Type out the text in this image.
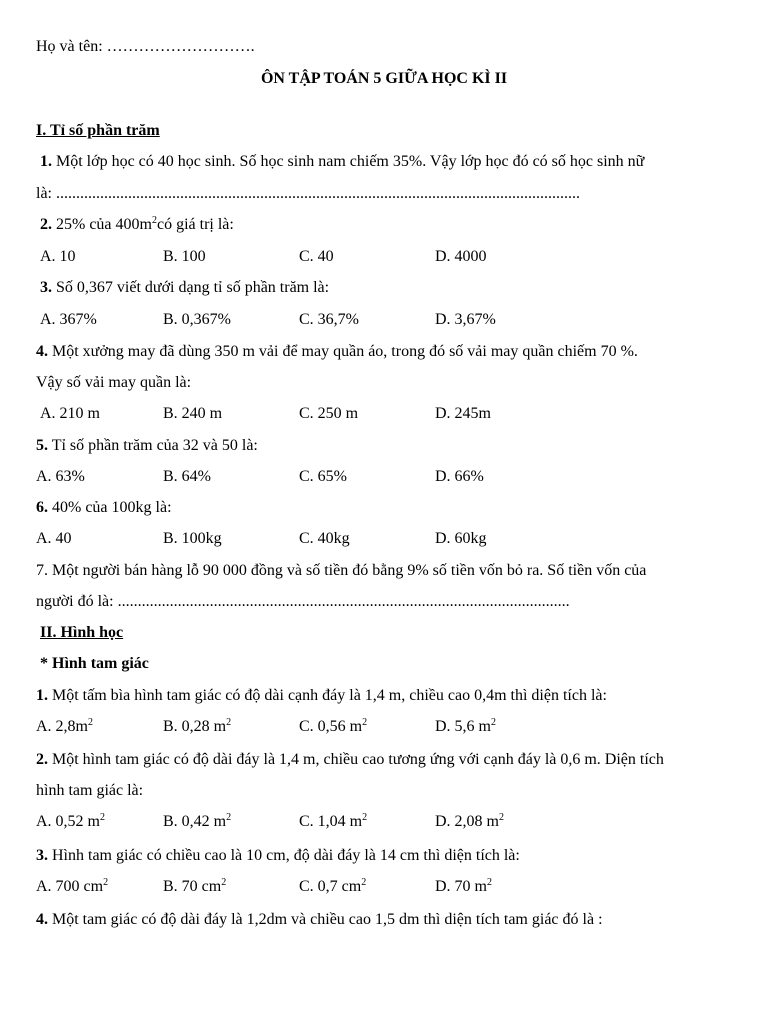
Họ và tên: ……………………….
ÔN TẬP TOÁN 5 GIỮA HỌC KÌ II
I. Tỉ số phần trăm
1. Một lớp học có 40 học sinh. Số học sinh nam chiếm 35%. Vậy lớp học đó có số học sinh nữ
là: ...................................................................................................................................
2. 25% của $400m^2có$ giá trị là:
A. 10	B. 100	C. 40	D. 4000
3. Số 0,367 viết dưới dạng tỉ số phần trăm là:
A. 367%	B. 0,367%	C. 36,7%	D. 3,67%
4. Một xưởng may đã dùng 350 m vải để may quần áo, trong đó số vải may quần chiếm 70 %.
Vậy số vải may quần là:
A. 210 m	B. 240 m	C. 250 m	D. 245m
5. Tỉ số phần trăm của 32 và 50 là:
A. 63%	B. 64%	C. 65%	D. 66%
6. 40% của 100kg là:
A. 40	B. 100kg	C. 40kg	D. 60kg
7. Một người bán hàng lỗ 90 000 đồng và số tiền đó bằng 9% số tiền vốn bỏ ra. Số tiền vốn của
người đó là: .................................................................................................................
II. Hình học
* Hình tam giác
1. Một tấm bìa hình tam giác có độ dài cạnh đáy là 1,4 m, chiều cao 0,4m thì diện tích là:
A. $2,8m^2$	B. 0,28 $m^2$	C. 0,56 $m^2$	D. 5,6 $m^2$
2. Một hình tam giác có độ dài đáy là 1,4 m, chiều cao tương ứng với cạnh đáy là 0,6 m. Diện tích
hình tam giác là:
A. 0,52 $m^2$	B. 0,42 $m^2$	C. 1,04 $m^2$	D. 2,08 $m^2$
3. Hình tam giác có chiều cao là 10 cm, độ dài đáy là 14 cm thì diện tích là:
A. 700 $cm^2$	B. 70 $cm^2$	C. 0,7 $cm^2$	D. 70 $m^2$
4. Một tam giác có độ dài đáy là 1,2dm và chiều cao 1,5 dm thì diện tích tam giác đó là :
